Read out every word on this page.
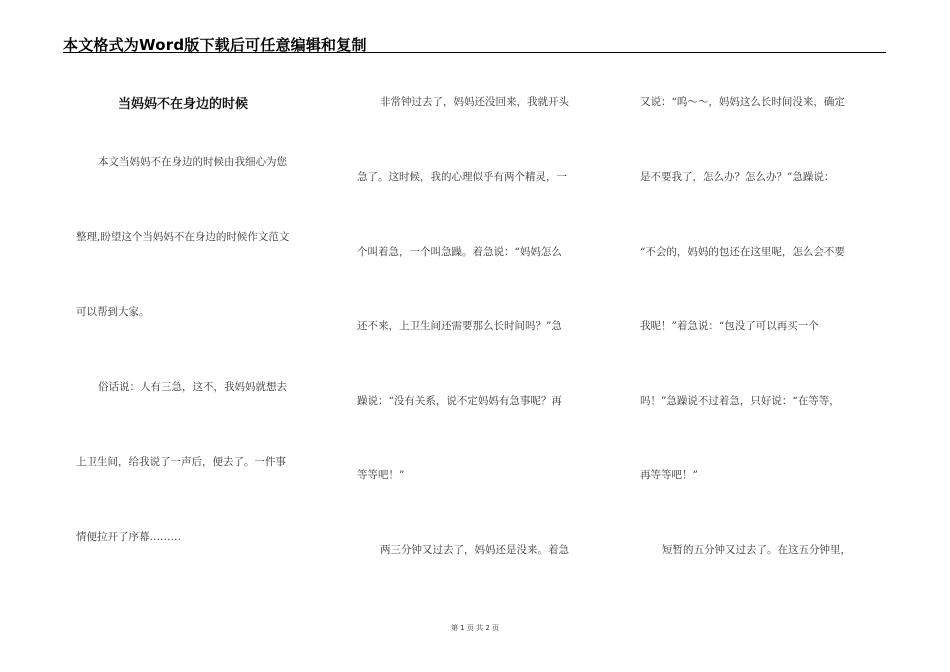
本文格式为Word版下载后可任意编辑和复制
当妈妈不在身边的时候
本文当妈妈不在身边的时候由我细心为您
整理,盼望这个当妈妈不在身边的时候作文范文
可以帮到大家。
俗话说：人有三急，这不，我妈妈就想去
上卫生间，给我说了一声后，便去了。一件事
情便拉开了序幕………
非常钟过去了，妈妈还没回来，我就开头
急了。这时候，我的心理似乎有两个精灵，一
个叫着急，一个叫急躁。着急说：“妈妈怎么
还不来，上卫生间还需要那么长时间吗？”急
躁说：“没有关系，说不定妈妈有急事呢？再
等等吧！”
两三分钟又过去了，妈妈还是没来。着急
又说：“呜～～，妈妈这么长时间没来，确定
是不要我了，怎么办？怎么办？”急躁说：
“不会的，妈妈的包还在这里呢，怎么会不要
我呢！”着急说：“包没了可以再买一个
吗！”急躁说不过着急，只好说：“在等等，
再等等吧！”
短暂的五分钟又过去了。在这五分钟里，
第 1 页 共 2 页
